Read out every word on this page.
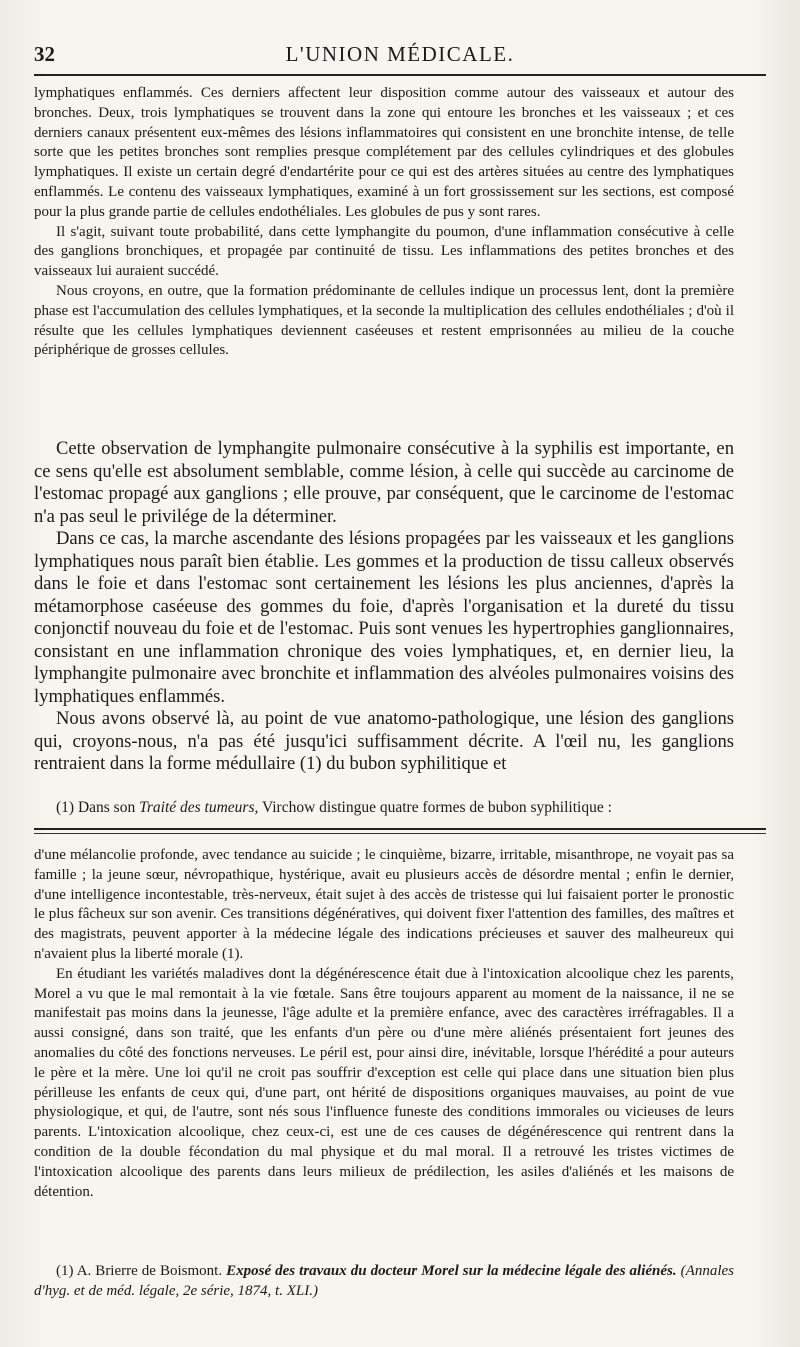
32	L'UNION MÉDICALE.

lymphatiques enflammés. Ces derniers affectent leur disposition comme autour des vaisseaux et autour des bronches. Deux, trois lymphatiques se trouvent dans la zone qui entoure les bronches et les vaisseaux ; et ces derniers canaux présentent eux-mêmes des lésions inflammatoires qui consistent en une bronchite intense, de telle sorte que les petites bronches sont remplies presque complétement par des cellules cylindriques et des globules lymphatiques. Il existe un certain degré d'endartérite pour ce qui est des artères situées au centre des lymphatiques enflammés. Le contenu des vaisseaux lymphatiques, examiné à un fort grossissement sur les sections, est composé pour la plus grande partie de cellules endothéliales. Les globules de pus y sont rares.

Il s'agit, suivant toute probabilité, dans cette lymphangite du poumon, d'une inflammation consécutive à celle des ganglions bronchiques, et propagée par continuité de tissu. Les inflammations des petites bronches et des vaisseaux lui auraient succédé.

Nous croyons, en outre, que la formation prédominante de cellules indique un processus lent, dont la première phase est l'accumulation des cellules lymphatiques, et la seconde la multiplication des cellules endothéliales ; d'où il résulte que les cellules lymphatiques deviennent caséeuses et restent emprisonnées au milieu de la couche périphérique de grosses cellules.

Cette observation de lymphangite pulmonaire consécutive à la syphilis est importante, en ce sens qu'elle est absolument semblable, comme lésion, à celle qui succède au carcinome de l'estomac propagé aux ganglions ; elle prouve, par conséquent, que le carcinome de l'estomac n'a pas seul le privilége de la déterminer.

Dans ce cas, la marche ascendante des lésions propagées par les vaisseaux et les ganglions lymphatiques nous paraît bien établie. Les gommes et la production de tissu calleux observés dans le foie et dans l'estomac sont certainement les lésions les plus anciennes, d'après la métamorphose caséeuse des gommes du foie, d'après l'organisation et la dureté du tissu conjonctif nouveau du foie et de l'estomac. Puis sont venues les hypertrophies ganglionnaires, consistant en une inflammation chronique des voies lymphatiques, et, en dernier lieu, la lymphangite pulmonaire avec bronchite et inflammation des alvéoles pulmonaires voisins des lymphatiques enflammés.

Nous avons observé là, au point de vue anatomo-pathologique, une lésion des ganglions qui, croyons-nous, n'a pas été jusqu'ici suffisamment décrite. A l'œil nu, les ganglions rentraient dans la forme médullaire (1) du bubon syphilitique et

(1) Dans son Traité des tumeurs, Virchow distingue quatre formes de bubon syphilitique :

d'une mélancolie profonde, avec tendance au suicide ; le cinquième, bizarre, irritable, misanthrope, ne voyait pas sa famille ; la jeune sœur, névropathique, hystérique, avait eu plusieurs accès de désordre mental ; enfin le dernier, d'une intelligence incontestable, très-nerveux, était sujet à des accès de tristesse qui lui faisaient porter le pronostic le plus fâcheux sur son avenir. Ces transitions dégénératives, qui doivent fixer l'attention des familles, des maîtres et des magistrats, peuvent apporter à la médecine légale des indications précieuses et sauver des malheureux qui n'avaient plus la liberté morale (1).

En étudiant les variétés maladives dont la dégénérescence était due à l'intoxication alcoolique chez les parents, Morel a vu que le mal remontait à la vie fœtale. Sans être toujours apparent au moment de la naissance, il ne se manifestait pas moins dans la jeunesse, l'âge adulte et la première enfance, avec des caractères irréfragables. Il a aussi consigné, dans son traité, que les enfants d'un père ou d'une mère aliénés présentaient fort jeunes des anomalies du côté des fonctions nerveuses. Le péril est, pour ainsi dire, inévitable, lorsque l'hérédité a pour auteurs le père et la mère. Une loi qu'il ne croit pas souffrir d'exception est celle qui place dans une situation bien plus périlleuse les enfants de ceux qui, d'une part, ont hérité de dispositions organiques mauvaises, au point de vue physiologique, et qui, de l'autre, sont nés sous l'influence funeste des conditions immorales ou vicieuses de leurs parents. L'intoxication alcoolique, chez ceux-ci, est une de ces causes de dégénérescence qui rentrent dans la condition de la double fécondation du mal physique et du mal moral. Il a retrouvé les tristes victimes de l'intoxication alcoolique des parents dans leurs milieux de prédilection, les asiles d'aliénés et les maisons de détention.

(1) A. Brierre de Boismont. Exposé des travaux du docteur Morel sur la médecine légale des aliénés. (Annales d'hyg. et de méd. légale, 2e série, 1874, t. XLI.)
